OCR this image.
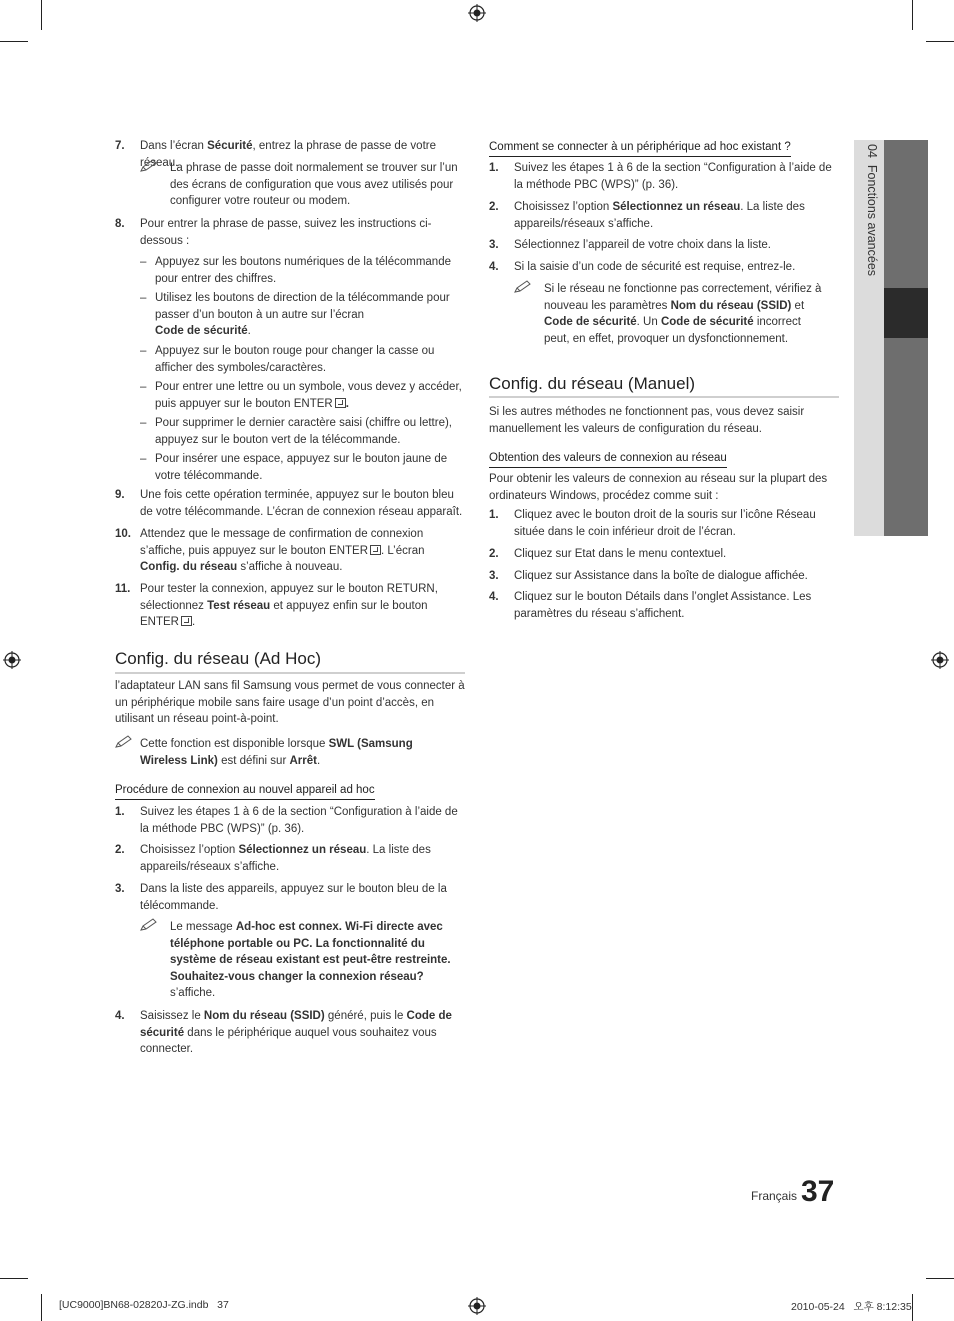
04  Fonctions avancées
7. Dans l’écran Sécurité, entrez la phrase de passe de votre réseau.
La phrase de passe doit normalement se trouver sur l’un des écrans de configuration que vous avez utilisés pour configurer votre routeur ou modem.
8. Pour entrer la phrase de passe, suivez les instructions ci-dessous :
– Appuyez sur les boutons numériques de la télécommande pour entrer des chiffres.
– Utilisez les boutons de direction de la télécommande pour passer d’un bouton à un autre sur l’écran
Code de sécurité.
– Appuyez sur le bouton rouge pour changer la casse ou afficher des symboles/caractères.
– Pour entrer une lettre ou un symbole, vous devez y accéder, puis appuyer sur le bouton ENTER .
– Pour supprimer le dernier caractère saisi (chiffre ou lettre), appuyez sur le bouton vert de la télécommande.
– Pour insérer une espace, appuyez sur le bouton jaune de votre télécommande.
9. Une fois cette opération terminée, appuyez sur le bouton bleu de votre télécommande. L’écran de connexion réseau apparaît.
10. Attendez que le message de confirmation de connexion s’affiche, puis appuyez sur le bouton ENTER . L’écran Config. du réseau s’affiche à nouveau.
11. Pour tester la connexion, appuyez sur le bouton RETURN, sélectionnez Test réseau et appuyez enfin sur le bouton ENTER .
Config. du réseau (Ad Hoc)
l’adaptateur LAN sans fil Samsung vous permet de vous connecter à un périphérique mobile sans faire usage d’un point d’accès, en utilisant un réseau point-à-point.
Cette fonction est disponible lorsque SWL (Samsung Wireless Link) est défini sur Arrêt.
Procédure de connexion au nouvel appareil ad hoc
1. Suivez les étapes 1 à 6 de la section “Configuration à l’aide de la méthode PBC (WPS)” (p. 36).
2. Choisissez l’option Sélectionnez un réseau. La liste des appareils/réseaux s’affiche.
3. Dans la liste des appareils, appuyez sur le bouton bleu de la télécommande.
Le message Ad-hoc est connex. Wi-Fi directe avec téléphone portable ou PC. La fonctionnalité du système de réseau existant est peut-être restreinte. Souhaitez-vous changer la connexion réseau? s’affiche.
4. Saisissez le Nom du réseau (SSID) généré, puis le Code de sécurité dans le périphérique auquel vous souhaitez vous connecter.
Comment se connecter à un périphérique ad hoc existant ?
1. Suivez les étapes 1 à 6 de la section “Configuration à l’aide de la méthode PBC (WPS)” (p. 36).
2. Choisissez l’option Sélectionnez un réseau. La liste des appareils/réseaux s’affiche.
3. Sélectionnez l’appareil de votre choix dans la liste.
4. Si la saisie d’un code de sécurité est requise, entrez-le.
Si le réseau ne fonctionne pas correctement, vérifiez à nouveau les paramètres Nom du réseau (SSID) et Code de sécurité. Un Code de sécurité incorrect peut, en effet, provoquer un dysfonctionnement.
Config. du réseau (Manuel)
Si les autres méthodes ne fonctionnent pas, vous devez saisir manuellement les valeurs de configuration du réseau.
Obtention des valeurs de connexion au réseau
Pour obtenir les valeurs de connexion au réseau sur la plupart des ordinateurs Windows, procédez comme suit :
1. Cliquez avec le bouton droit de la souris sur l’icône Réseau située dans le coin inférieur droit de l’écran.
2. Cliquez sur Etat dans le menu contextuel.
3. Cliquez sur Assistance dans la boîte de dialogue affichée.
4. Cliquez sur le bouton Détails dans l’onglet Assistance. Les paramètres du réseau s’affichent.
Français 37
[UC9000]BN68-02820J-ZG.indb   37	2010-05-24   오후 8:12:35
